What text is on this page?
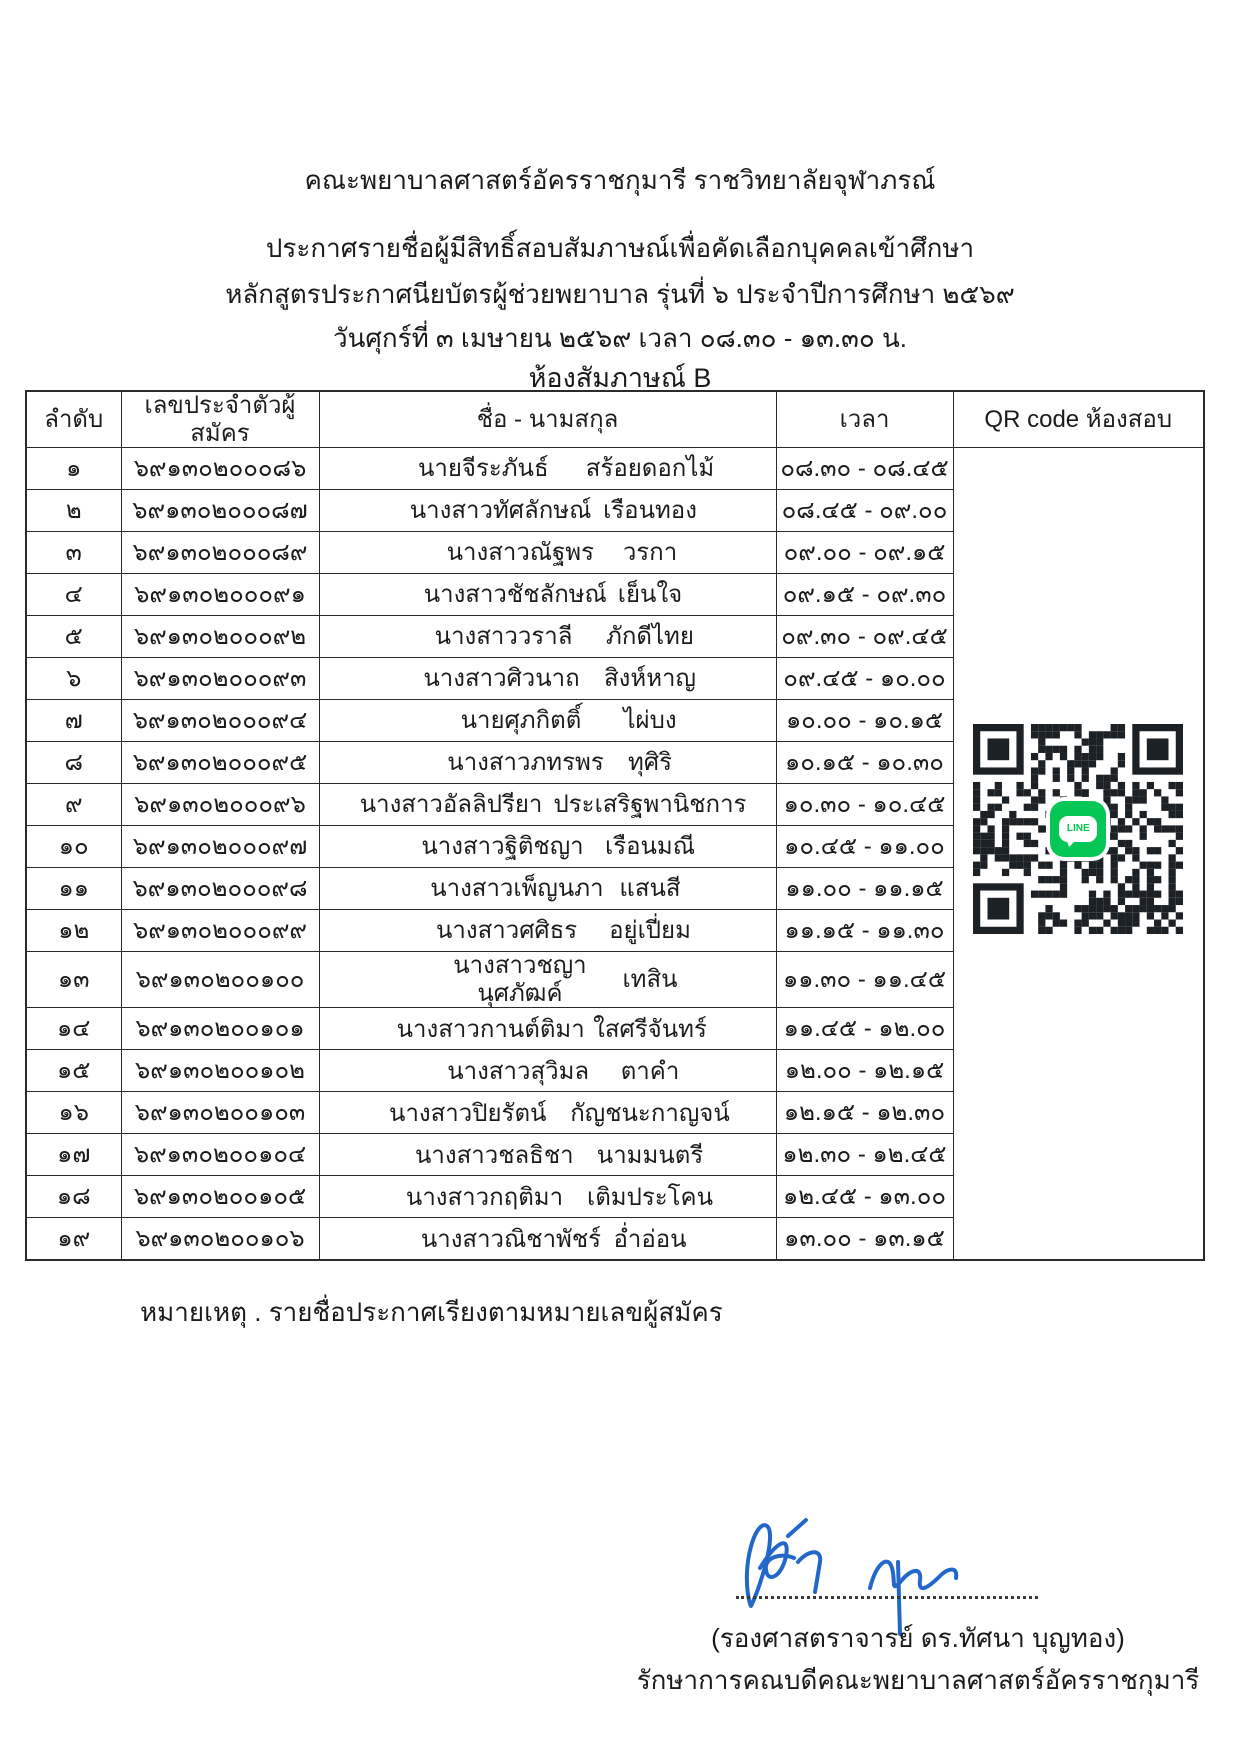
คณะพยาบาลศาสตร์อัครราชกุมารี ราชวิทยาลัยจุฬาภรณ์
ประกาศรายชื่อผู้มีสิทธิ์สอบสัมภาษณ์เพื่อคัดเลือกบุคคลเข้าศึกษา
หลักสูตรประกาศนียบัตรผู้ช่วยพยาบาล รุ่นที่ ๖ ประจำปีการศึกษา ๒๕๖๙
วันศุกร์ที่ ๓ เมษายน ๒๕๖๙ เวลา ๐๘.๓๐ - ๑๓.๓๐ น.
ห้องสัมภาษณ์ B
ลำดับ	เลขประจำตัวผู้สมัคร	ชื่อ - นามสกุล	เวลา	QR code ห้องสอบ
๑	๖๙๑๓๐๒๐๐๐๘๖	นายจีระภันธ์ สร้อยดอกไม้	๐๘.๓๐ - ๐๘.๔๕	LINE

๒	๖๙๑๓๐๒๐๐๐๘๗	นางสาวทัศลักษณ์ เรือนทอง	๐๘.๔๕ - ๐๙.๐๐	
๓	๖๙๑๓๐๒๐๐๐๘๙	นางสาวณัฐพร วรกา	๐๙.๐๐ - ๐๙.๑๕	
๔	๖๙๑๓๐๒๐๐๐๙๑	นางสาวชัชลักษณ์ เย็นใจ	๐๙.๑๕ - ๐๙.๓๐	
๕	๖๙๑๓๐๒๐๐๐๙๒	นางสาววราลี ภักดีไทย	๐๙.๓๐ - ๐๙.๔๕	
๖	๖๙๑๓๐๒๐๐๐๙๓	นางสาวศิวนาถ สิงห์หาญ	๐๙.๔๕ - ๑๐.๐๐	
๗	๖๙๑๓๐๒๐๐๐๙๔	นายศุภกิตติ์ ไผ่บง	๑๐.๐๐ - ๑๐.๑๕	
๘	๖๙๑๓๐๒๐๐๐๙๕	นางสาวภทรพร ทุศิริ	๑๐.๑๕ - ๑๐.๓๐	
๙	๖๙๑๓๐๒๐๐๐๙๖	นางสาวอัลลิปรียา ประเสริฐพานิชการ	๑๐.๓๐ - ๑๐.๔๕	
๑๐	๖๙๑๓๐๒๐๐๐๙๗	นางสาวฐิติชญา เรือนมณี	๑๐.๔๕ - ๑๑.๐๐	
๑๑	๖๙๑๓๐๒๐๐๐๙๘	นางสาวเพ็ญนภา แสนสี	๑๑.๐๐ - ๑๑.๑๕	
๑๒	๖๙๑๓๐๒๐๐๐๙๙	นางสาวศศิธร อยู่เปี่ยม	๑๑.๑๕ - ๑๑.๓๐	
๑๓	๖๙๑๓๐๒๐๐๑๐๐	นางสาวชญานุศภัฒค์เทสิน	๑๑.๓๐ - ๑๑.๔๕	
๑๔	๖๙๑๓๐๒๐๐๑๐๑	นางสาวกานต์ติมา ใสศรีจันทร์	๑๑.๔๕ - ๑๒.๐๐	
๑๕	๖๙๑๓๐๒๐๐๑๐๒	นางสาวสุวิมล ตาคำ	๑๒.๐๐ - ๑๒.๑๕	
๑๖	๖๙๑๓๐๒๐๐๑๐๓	นางสาวปิยรัตน์ กัญชนะกาญจน์	๑๒.๑๕ - ๑๒.๓๐	
๑๗	๖๙๑๓๐๒๐๐๑๐๔	นางสาวชลธิชา นามมนตรี	๑๒.๓๐ - ๑๒.๔๕	
๑๘	๖๙๑๓๐๒๐๐๑๐๕	นางสาวกฤติมา เติมประโคน	๑๒.๔๕ - ๑๓.๐๐	
๑๙	๖๙๑๓๐๒๐๐๑๐๖	นางสาวณิชาพัชร์ อ่ำอ่อน	๑๓.๐๐ - ๑๓.๑๕	
หมายเหตุ . รายชื่อประกาศเรียงตามหมายเลขผู้สมัคร
(รองศาสตราจารย์ ดร.ทัศนา บุญทอง)
รักษาการคณบดีคณะพยาบาลศาสตร์อัครราชกุมารี
